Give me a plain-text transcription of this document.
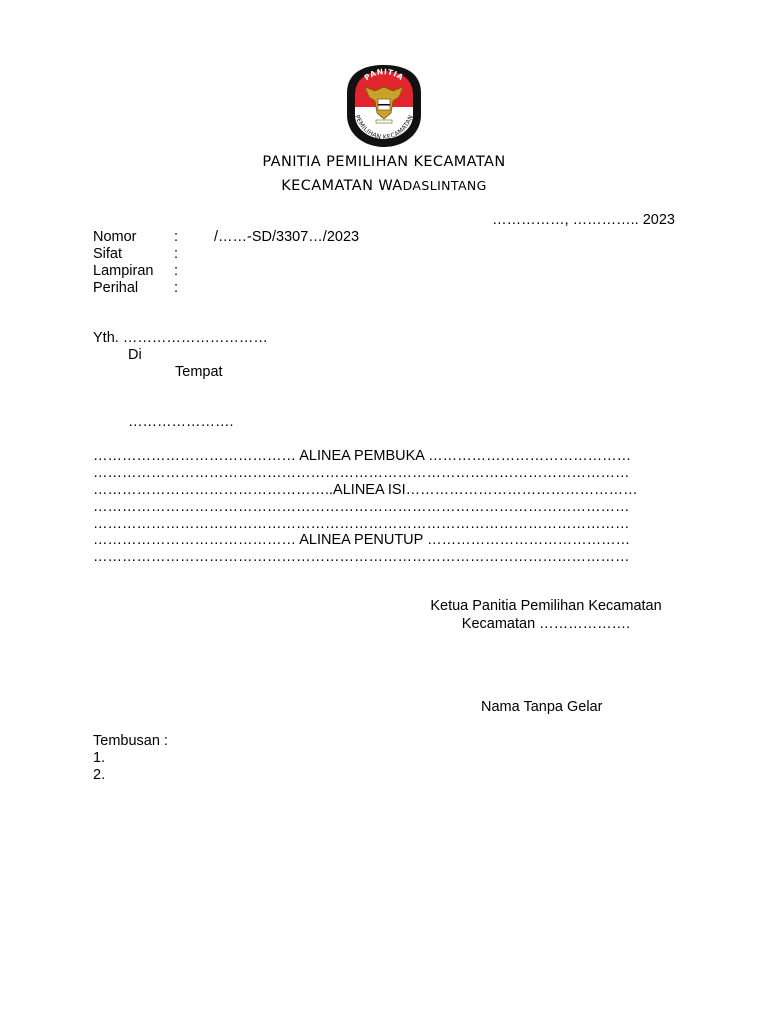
PANITIA
PEMILIHAN KECAMATAN
PANITIA PEMILIHAN KECAMATAN
KECAMATAN WADASLINTANG
……………, ………….. 2023
Nomor	: /……-SD/3307…/2023
Sifat	:
Lampiran :
Perihal :
Yth. …………………………
Di
Tempat
………………….
…………………………………… ALINEA PEMBUKA ……………………………………
…………………………………………………………………………………………………
…………………………………………..ALINEA ISI…………………………………………
…………………………………………………………………………………………………
…………………………………………………………………………………………………
…………………………………… ALINEA PENUTUP ……………………………………
…………………………………………………………………………………………………
Ketua Panitia Pemilihan Kecamatan
Kecamatan ……………….
Nama Tanpa Gelar
Tembusan :
1.
2.
